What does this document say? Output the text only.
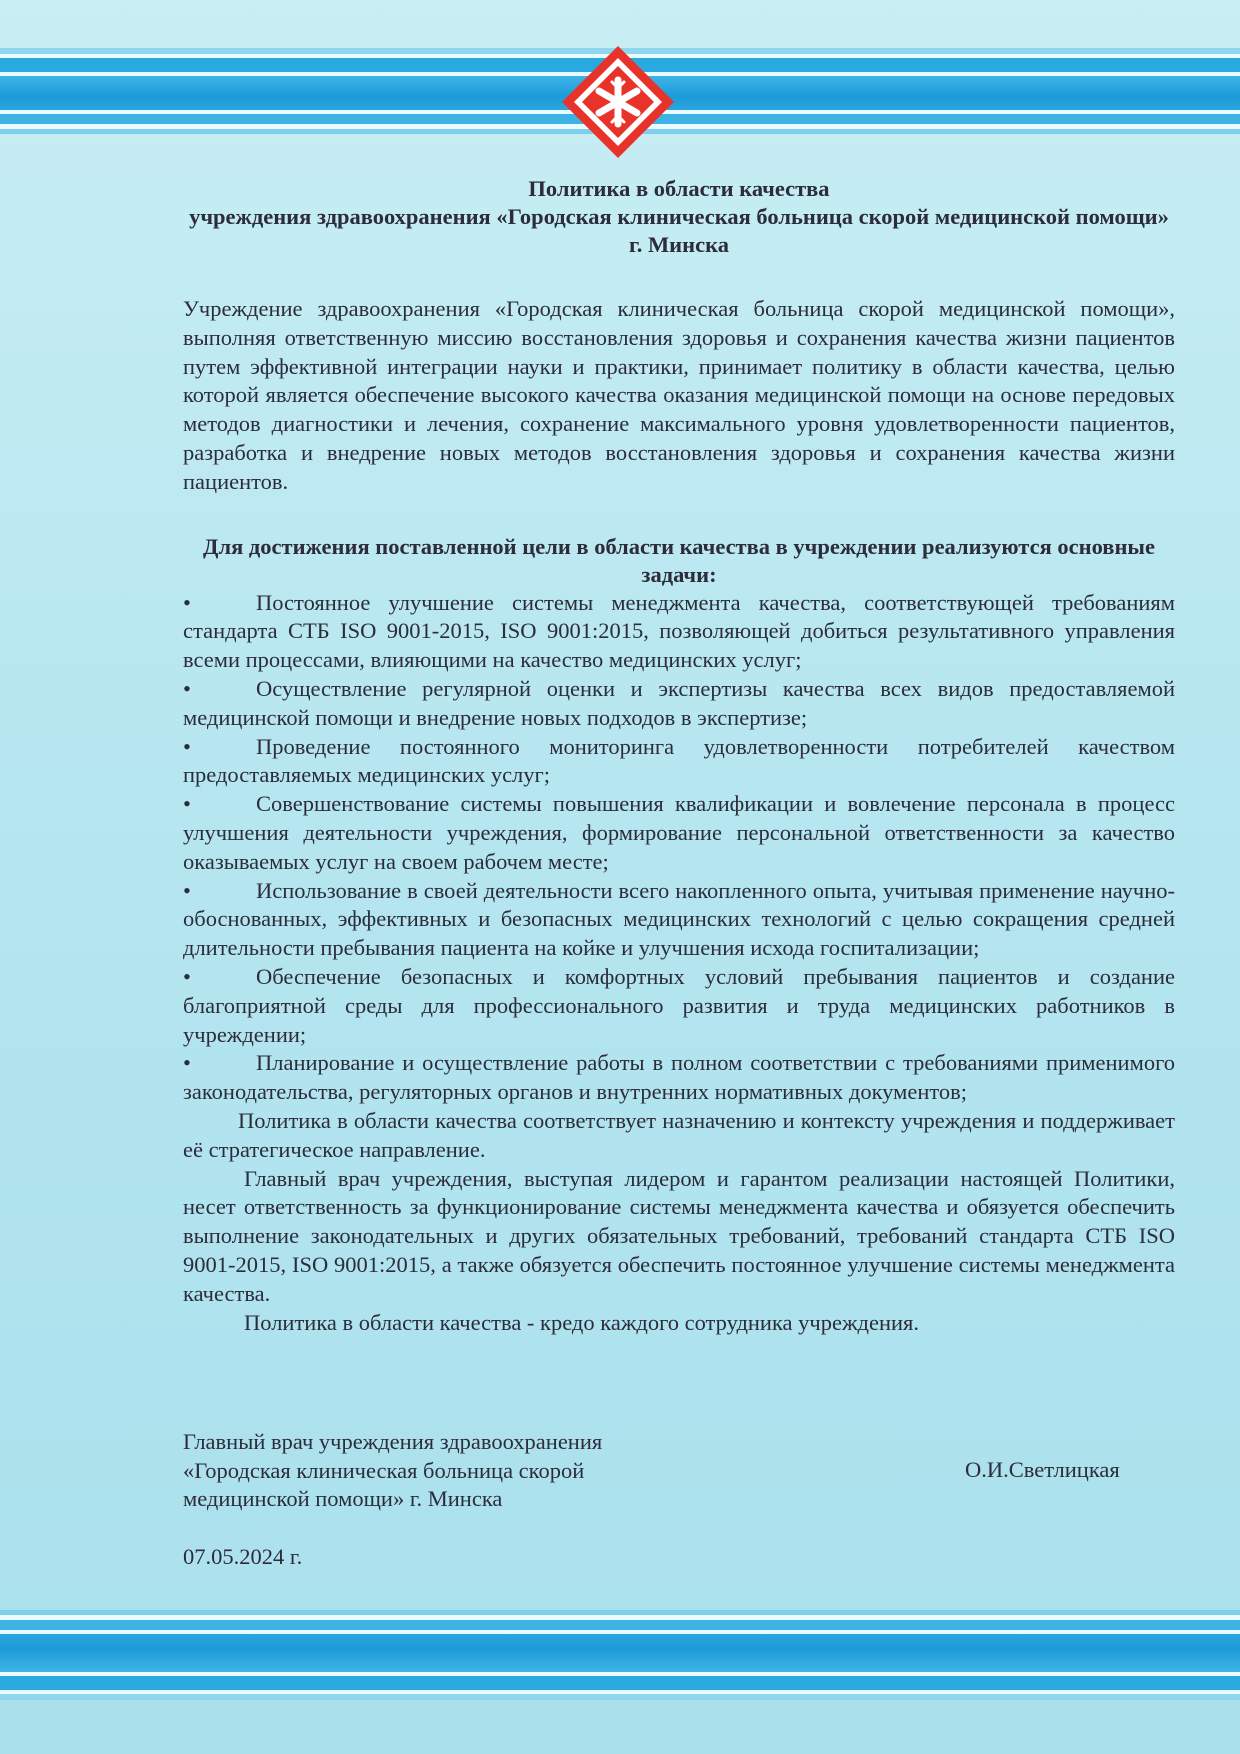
Политика в области качества
учреждения здравоохранения «Городская клиническая больница скорой медицинской помощи» г. Минска

Учреждение здравоохранения «Городская клиническая больница скорой медицинской помощи», выполняя ответственную миссию восстановления здоровья и сохранения качества жизни пациентов путем эффективной интеграции науки и практики, принимает политику в области качества, целью которой является обеспечение высокого качества оказания медицинской помощи на основе передовых методов диагностики и лечения, сохранение максимального уровня удовлетворенности пациентов, разработка и внедрение новых методов восстановления здоровья и сохранения качества жизни пациентов.

Для достижения поставленной цели в области качества в учреждении реализуются основные задачи:

•	Постоянное улучшение системы менеджмента качества, соответствующей требованиям стандарта СТБ ISO 9001-2015, ISO 9001:2015, позволяющей добиться результативного управления всеми процессами, влияющими на качество медицинских услуг;
•	Осуществление регулярной оценки и экспертизы качества всех видов предоставляемой медицинской помощи и внедрение новых подходов в экспертизе;
•	Проведение постоянного мониторинга удовлетворенности потребителей качеством предоставляемых медицинских услуг;
•	Совершенствование системы повышения квалификации и вовлечение персонала в процесс улучшения деятельности учреждения, формирование персональной ответственности за качество оказываемых услуг на своем рабочем месте;
•	Использование в своей деятельности всего накопленного опыта, учитывая применение научно-обоснованных, эффективных и безопасных медицинских технологий с целью сокращения средней длительности пребывания пациента на койке и улучшения исхода госпитализации;
•	Обеспечение безопасных и комфортных условий пребывания пациентов и создание благоприятной среды для профессионального развития и труда медицинских работников в учреждении;
•	Планирование и осуществление работы в полном соответствии с требованиями применимого законодательства, регуляторных органов и внутренних нормативных документов;

Политика в области качества соответствует назначению и контексту учреждения и поддерживает её стратегическое направление.

Главный врач учреждения, выступая лидером и гарантом реализации настоящей Политики, несет ответственность за функционирование системы менеджмента качества и обязуется обеспечить выполнение законодательных и других обязательных требований, требований стандарта СТБ ISO 9001-2015, ISO 9001:2015, а также обязуется обеспечить постоянное улучшение системы менеджмента качества.

Политика в области качества - кредо каждого сотрудника учреждения.

Главный врач учреждения здравоохранения
«Городская клиническая больница скорой
медицинской помощи» г. Минска
О.И.Светлицкая
07.05.2024 г.
